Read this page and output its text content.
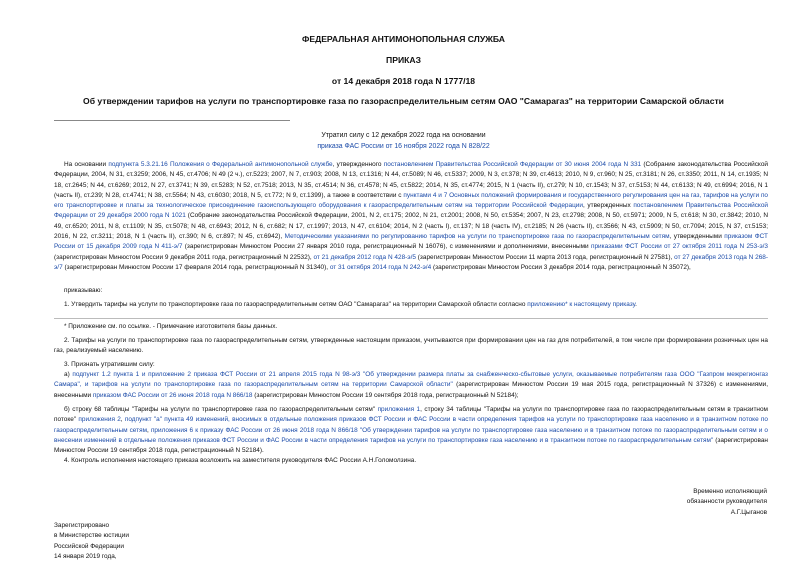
ФЕДЕРАЛЬНАЯ АНТИМОНОПОЛЬНАЯ СЛУЖБА
ПРИКАЗ
от 14 декабря 2018 года N 1777/18
Об утверждении тарифов на услуги по транспортировке газа по газораспределительным сетям ОАО "Самарагаз" на территории Самарской области
Утратил силу с 12 декабря 2022 года на основании
приказа ФАС России от 16 ноября 2022 года N 828/22
На основании подпункта 5.3.21.16 Положения о Федеральной антимонопольной службе, утвержденного постановлением Правительства Российской Федерации от 30 июня 2004 года N 331 (Собрание законодательства Российской Федерации, 2004, N 31, ст.3259; 2006, N 45, ст.4706; N 49 (2 ч.), ст.5223; 2007, N 7, ст.903; 2008, N 13, ст.1316; N 44, ст.5089; N 46, ст.5337; 2009, N 3, ст.378; N 39, ст.4613; 2010, N 9, ст.960; N 25, ст.3181; N 26, ст.3350; 2011, N 14, ст.1935; N 18, ст.2645; N 44, ст.6269; 2012, N 27, ст.3741; N 39, ст.5283; N 52, ст.7518; 2013, N 35, ст.4514; N 36, ст.4578; N 45, ст.5822; 2014, N 35, ст.4774; 2015, N 1 (часть II), ст.279; N 10, ст.1543; N 37, ст.5153; N 44, ст.6133; N 49, ст.6994; 2016, N 1 (часть II), ст.239; N 28, ст.4741; N 38, ст.5564; N 43, ст.6030; 2018, N 5, ст.772; N 9, ст.1399), а также в соответствии с пунктами 4 и 7 Основных положений формирования и государственного регулирования цен на газ, тарифов на услуги по его транспортировке и платы за технологическое присоединение газоиспользующего оборудования к газораспределительным сетям на территории Российской Федерации, утвержденных постановлением Правительства Российской Федерации от 29 декабря 2000 года N 1021 (Собрание законодательства Российской Федерации, 2001, N 2, ст.175; 2002, N 21, ст.2001; 2008, N 50, ст.5354; 2007, N 23, ст.2798; 2008, N 50, ст.5971; 2009, N 5, ст.618; N 30, ст.3842; 2010, N 49, ст.6520; 2011, N 8, ст.1109; N 35, ст.5078; N 48, ст.6943; 2012, N 6, ст.682; N 17, ст.1997; 2013, N 47, ст.6104; 2014, N 2 (часть I), ст.137; N 18 (часть IV), ст.2185; N 26 (часть II), ст.3566; N 43, ст.5909; N 50, ст.7094; 2015, N 37, ст.5153; 2016, N 22, ст.3211; 2018, N 1 (часть II), ст.390; N 6, ст.897; N 45, ст.6942), Методическими указаниями по регулированию тарифов на услуги по транспортировке газа по газораспределительным сетям, утвержденными приказом ФСТ России от 15 декабря 2009 года N 411-э/7 (зарегистрирован Минюстом России 27 января 2010 года, регистрационный N 16076), с изменениями и дополнениями, внесенными приказами ФСТ России от 27 октября 2011 года N 253-э/3 (зарегистрирован Минюстом России 9 декабря 2011 года, регистрационный N 22532), от 21 декабря 2012 года N 428-э/5 (зарегистрирован Минюстом России 11 марта 2013 года, регистрационный N 27581), от 27 декабря 2013 года N 268-э/7 (зарегистрирован Минюстом России 17 февраля 2014 года, регистрационный N 31340), от 31 октября 2014 года N 242-э/4 (зарегистрирован Минюстом России 3 декабря 2014 года, регистрационный N 35072),
приказываю:
1. Утвердить тарифы на услуги по транспортировке газа по газораспределительным сетям ОАО "Самарагаз" на территории Самарской области согласно приложению* к настоящему приказу.
* Приложение см. по ссылке. - Примечание изготовителя базы данных.
2. Тарифы на услуги по транспортировке газа по газораспределительным сетям, утвержденные настоящим приказом, учитываются при формировании цен на газ для потребителей, в том числе при формировании розничных цен на газ, реализуемый населению.
3. Признать утратившим силу:
а) подпункт 1.2 пункта 1 и приложение 2 приказа ФСТ России от 21 апреля 2015 года N 98-э/3 "Об утверждении размера платы за снабженческо-сбытовые услуги, оказываемые потребителям газа ООО "Газпром межрегионгаз Самара", и тарифов на услуги по транспортировке газа по газораспределительным сетям на территории Самарской области" (зарегистрирован Минюстом России 19 мая 2015 года, регистрационный N 37326) с изменениями, внесенными приказом ФАС России от 26 июня 2018 года N 866/18 (зарегистрирован Минюстом России 19 сентября 2018 года, регистрационный N 52184);
б) строку 68 таблицы "Тарифы на услуги по транспортировке газа по газораспределительным сетям" приложения 1, строку 34 таблицы "Тарифы на услуги по транспортировке газа по газораспределительным сетям в транзитном потоке" приложения 2, подпункт "а" пункта 49 изменений, вносимых в отдельные положения приказов ФСТ России и ФАС России в части определения тарифов на услуги по транспортировке газа населению и в транзитном потоке по газораспределительным сетям, приложения 6 к приказу ФАС России от 26 июня 2018 года N 866/18 "Об утверждении тарифов на услуги по транспортировке газа населению и в транзитном потоке по газораспределительным сетям и о внесении изменений в отдельные положения приказов ФСТ России и ФАС России в части определения тарифов на услуги по транспортировке газа населению и в транзитном потоке по газораспределительным сетям" (зарегистрирован Минюстом России 19 сентября 2018 года, регистрационный N 52184).
4. Контроль исполнения настоящего приказа возложить на заместителя руководителя ФАС России А.Н.Голомолзина.
Временно исполняющий
обязанности руководителя
А.Г.Цыганов
Зарегистрировано
в Министерстве юстиции
Российской Федерации
14 января 2019 года,
